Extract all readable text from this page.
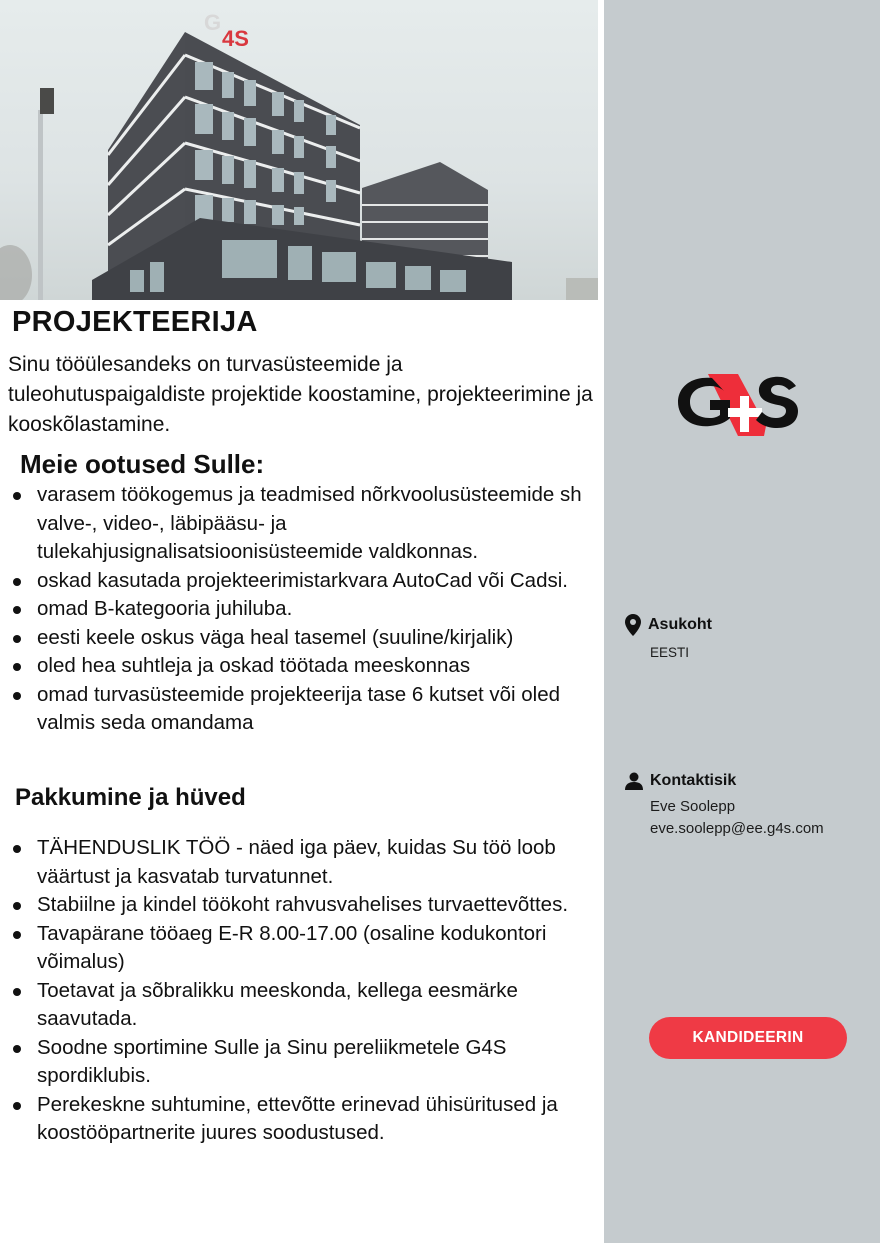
G
4S
PROJEKTEERIJA

Sinu tööülesandeks on turvasüsteemide ja tuleohutuspaigaldiste projektide koostamine, projekteerimine ja kooskõlastamine.

Meie ootused Sulle:
varasem töökogemus ja teadmised nõrkvoolusüsteemide sh valve-, video-, läbipääsu- ja tulekahjusignalisatsioonisüsteemide valdkonnas.
oskad kasutada projekteerimistarkvara AutoCad või Cadsi.
omad B-kategooria juhiluba.
eesti keele oskus väga heal tasemel (suuline/kirjalik)
oled hea suhtleja ja oskad töötada meeskonnas
omad turvasüsteemide projekteerija tase 6 kutset või oled valmis seda omandama
Pakkumine ja hüved
TÄHENDUSLIK TÖÖ - näed iga päev, kuidas Su töö loob väärtust ja kasvatab turvatunnet.
Stabiilne ja kindel töökoht rahvusvahelises turvaettevõttes.
Tavapärane tööaeg E-R 8.00-17.00 (osaline kodukontori võimalus)
Toetavat ja sõbralikku meeskonda, kellega eesmärke saavutada.
Soodne sportimine Sulle ja Sinu pereliikmetele G4S spordiklubis.
Perekeskne suhtumine, ettevõtte erinevad ühisüritused ja koostööpartnerite juures soodustused.
Asukoht
EESTI
Kontaktisik
Eve Soolepp
eve.soolepp@ee.g4s.com
KANDIDEERIN
